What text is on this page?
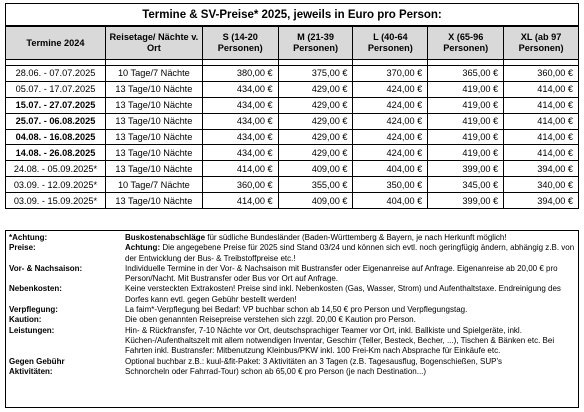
Termine & SV-Preise* 2025, jeweils in Euro pro Person:
Termine 2024	Reisetage/ Nächte v. Ort	S (14-20 Personen)	M (21-39 Personen)	L (40-64 Personen)	X (65-96 Personen)	XL (ab 97 Personen)

28.06. - 07.07.2025	10 Tage/7 Nächte	380,00 €	375,00 €	370,00 €	365,00 €	360,00 €
05.07. - 17.07.2025	13 Tage/10 Nächte	434,00 €	429,00 €	424,00 €	419,00 €	414,00 €
15.07. - 27.07.2025	13 Tage/10 Nächte	434,00 €	429,00 €	424,00 €	419,00 €	414,00 €
25.07. - 06.08.2025	13 Tage/10 Nächte	434,00 €	429,00 €	424,00 €	419,00 €	414,00 €
04.08. - 16.08.2025	13 Tage/10 Nächte	434,00 €	429,00 €	424,00 €	419,00 €	414,00 €
14.08. - 26.08.2025	13 Tage/10 Nächte	434,00 €	429,00 €	424,00 €	419,00 €	414,00 €
24.08. - 05.09.2025*	13 Tage/10 Nächte	414,00 €	409,00 €	404,00 €	399,00 €	394,00 €
03.09. - 12.09.2025*	10 Tage/7 Nächte	360,00 €	355,00 €	350,00 €	345,00 €	340,00 €
03.09. - 15.09.2025*	13 Tage/10 Nächte	414,00 €	409,00 €	404,00 €	399,00 €	394,00 €
*Achtung:	Buskostenabschläge für südliche Bundesländer (Baden-Württemberg & Bayern, je nach Herkunft möglich!
Preise:	Achtung: Die angegebene Preise für 2025 sind Stand 03/24 und können sich evtl. noch geringfügig ändern, abhängig z.B. von der Entwicklung der Bus- & Treibstoffpreise etc.!
Vor- & Nachsaison:	Individuelle Termine in der Vor- & Nachsaison mit Bustransfer oder Eigenanreise auf Anfrage. Eigenanreise ab 20,00 € pro Person/Nacht. Mit Bustransfer oder Bus vor Ort auf Anfrage.
Nebenkosten:	Keine versteckten Extrakosten! Preise sind inkl. Nebenkosten (Gas, Wasser, Strom) und Aufenthaltstaxe. Endreinigung des Dorfes kann evtl. gegen Gebühr bestellt werden!
Verpflegung:	La faim*-Verpflegung bei Bedarf: VP buchbar schon ab 14,50 € pro Person und Verpflegungstag.
Kaution:	Die oben genannten Reisepreise verstehen sich zzgl. 20,00 € Kaution pro Person.
Leistungen:	Hin- & Rückfransfer, 7-10 Nächte vor Ort, deutschsprachiger Teamer vor Ort, inkl. Ballkiste und Spielgeräte, inkl. Küchen-/Aufenthaltszelt mit allem notwendigen Inventar, Geschirr (Teller, Besteck, Becher, ...), Tischen & Bänken etc. Bei Fahrten inkl. Bustransfer: Mitbenutzung Kleinbus/PKW inkl. 100 Frei-Km nach Absprache für Einkäufe etc.
Gegen Gebühr	Optional buchbar z.B.: kuul-&fit-Paket: 3 Aktivitäten an 3 Tagen (z.B. Tagesausflug, Bogenschießen, SUP's
Aktivitäten:	Schnorcheln oder Fahrrad-Tour) schon ab 65,00 € pro Person (je nach Destination...)
